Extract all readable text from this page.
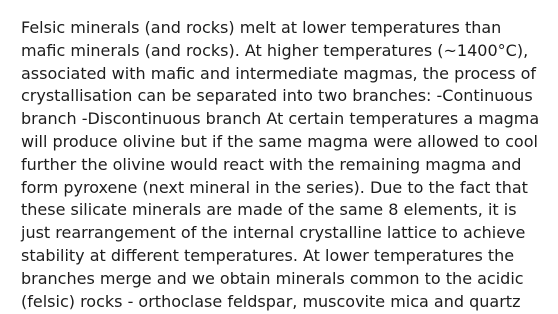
Felsic minerals (and rocks) melt at lower temperatures than mafic minerals (and rocks). At higher temperatures (~1400°C), associated with mafic and intermediate magmas, the process of crystallisation can be separated into two branches: -Continuous branch -Discontinuous branch At certain temperatures a magma will produce olivine but if the same magma were allowed to cool further the olivine would react with the remaining magma and form pyroxene (next mineral in the series). Due to the fact that these silicate minerals are made of the same 8 elements, it is just rearrangement of the internal crystalline lattice to achieve stability at different temperatures. At lower temperatures the branches merge and we obtain minerals common to the acidic (felsic) rocks - orthoclase feldspar, muscovite mica and quartz
